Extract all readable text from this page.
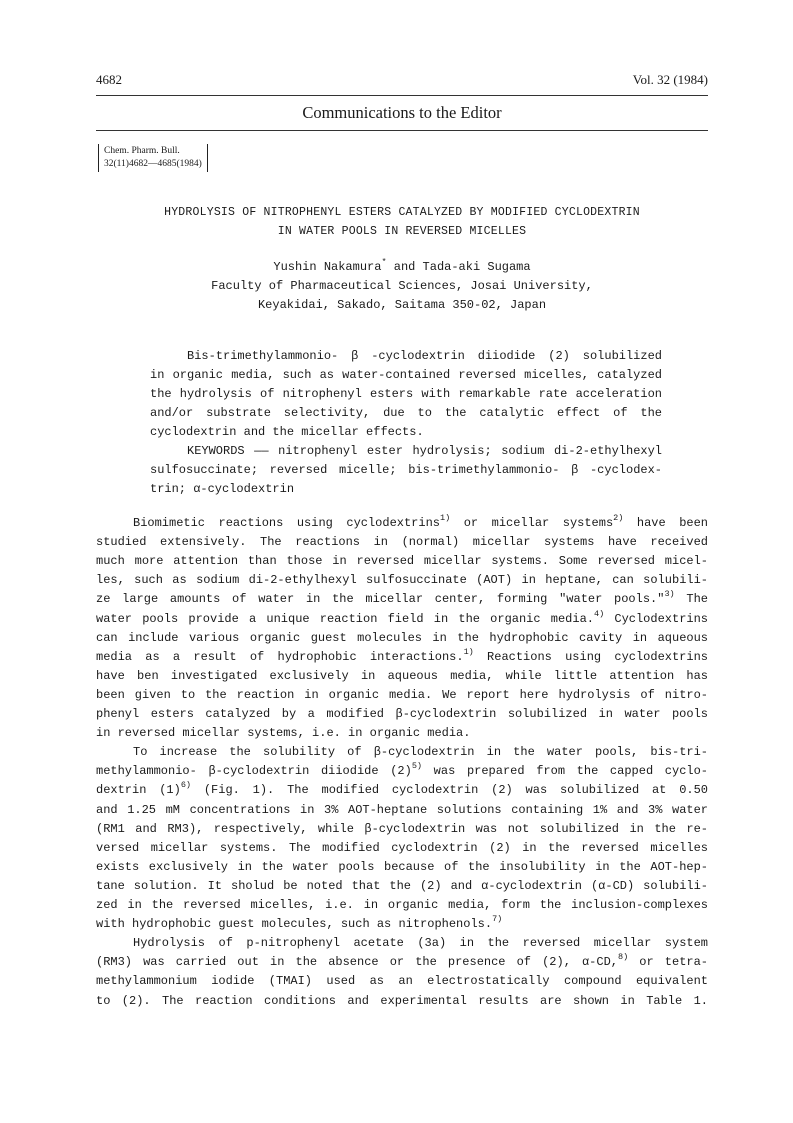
4682	Vol. 32 (1984)
Communications to the Editor
Chem. Pharm. Bull.
32(11)4682—4685(1984)
HYDROLYSIS OF NITROPHENYL ESTERS CATALYZED BY MODIFIED CYCLODEXTRIN
IN WATER POOLS IN REVERSED MICELLES
Yushin Nakamura* and Tada-aki Sugama
Faculty of Pharmaceutical Sciences, Josai University,
Keyakidai, Sakado, Saitama 350-02, Japan
Bis-trimethylammonio- β -cyclodextrin diiodide (2) solubilized
in organic media, such as water-contained reversed micelles, catalyzed
the hydrolysis of nitrophenyl esters with remarkable rate acceleration
and/or substrate selectivity, due to the catalytic effect of the
cyclodextrin and the micellar effects.
KEYWORDS —— nitrophenyl ester hydrolysis; sodium di-2-ethylhexyl
sulfosuccinate; reversed micelle; bis-trimethylammonio- β -cyclodex-
trin; α-cyclodextrin
Biomimetic reactions using cyclodextrins$^{1)}$ or micellar systems$^{2)}$ have been
studied extensively. The reactions in (normal) micellar systems have received
much more attention than those in reversed micellar systems. Some reversed micel-
les, such as sodium di-2-ethylhexyl sulfosuccinate (AOT) in heptane, can solubili-
ze large amounts of water in the micellar center, forming "water pools."$^{3)}$ The
water pools provide a unique reaction field in the organic media.$^{4)}$ Cyclodextrins
can include various organic guest molecules in the hydrophobic cavity in aqueous
media as a result of hydrophobic interactions.$^{1)}$ Reactions using cyclodextrins
have ben investigated exclusively in aqueous media, while little attention has
been given to the reaction in organic media. We report here hydrolysis of nitro-
phenyl esters catalyzed by a modified β-cyclodextrin solubilized in water pools
in reversed micellar systems, i.e. in organic media.
To increase the solubility of β-cyclodextrin in the water pools, bis-tri-
methylammonio- β-cyclodextrin diiodide $(2)^{5)}$ was prepared from the capped cyclo-
dextrin $(1)^{6)}$ (Fig. 1). The modified cyclodextrin (2) was solubilized at 0.50
and 1.25 mM concentrations in 3% AOT-heptane solutions containing 1% and 3% water
(RM1 and RM3), respectively, while β-cyclodextrin was not solubilized in the re-
versed micellar systems. The modified cyclodextrin (2) in the reversed micelles
exists exclusively in the water pools because of the insolubility in the AOT-hep-
tane solution. It sholud be noted that the (2) and α-cyclodextrin (α-CD) solubili-
zed in the reversed micelles, i.e. in organic media, form the inclusion-complexes
with hydrophobic guest molecules, such as nitrophenols.$^{7)}$
Hydrolysis of p-nitrophenyl acetate (3a) in the reversed micellar system
(RM3) was carried out in the absence or the presence of (2), α-CD,$^{8)}$ or tetra-
methylammonium iodide (TMAI) used as an electrostatically compound equivalent
to (2). The reaction conditions and experimental results are shown in Table 1.
